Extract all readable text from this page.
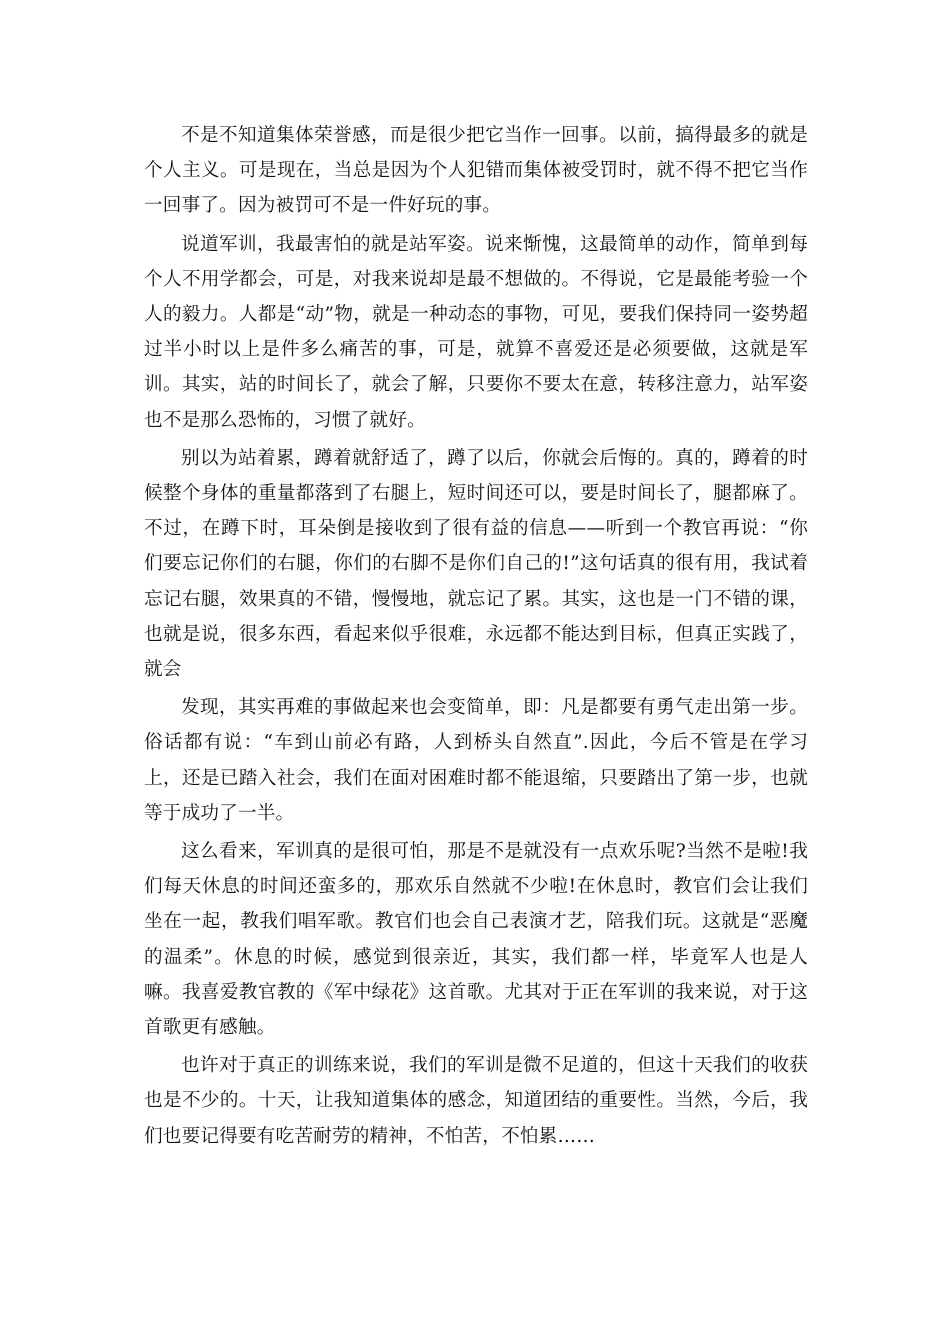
不是不知道集体荣誉感，而是很少把它当作一回事。以前，搞得最多的就是个人主义。可是现在，当总是因为个人犯错而集体被受罚时，就不得不把它当作一回事了。因为被罚可不是一件好玩的事。

说道军训，我最害怕的就是站军姿。说来惭愧，这最简单的动作，简单到每个人不用学都会，可是，对我来说却是最不想做的。不得说，它是最能考验一个人的毅力。人都是“动”物，就是一种动态的事物，可见，要我们保持同一姿势超过半小时以上是件多么痛苦的事，可是，就算不喜爱还是必须要做，这就是军训。其实，站的时间长了，就会了解，只要你不要太在意，转移注意力，站军姿也不是那么恐怖的，习惯了就好。

别以为站着累，蹲着就舒适了，蹲了以后，你就会后悔的。真的，蹲着的时候整个身体的重量都落到了右腿上，短时间还可以，要是时间长了，腿都麻了。不过，在蹲下时，耳朵倒是接收到了很有益的信息——听到一个教官再说：“你们要忘记你们的右腿，你们的右脚不是你们自己的!”这句话真的很有用，我试着忘记右腿，效果真的不错，慢慢地，就忘记了累。其实，这也是一门不错的课，也就是说，很多东西，看起来似乎很难，永远都不能达到目标，但真正实践了，就会

发现，其实再难的事做起来也会变简单，即：凡是都要有勇气走出第一步。俗话都有说：“车到山前必有路，人到桥头自然直”.因此，今后不管是在学习上，还是已踏入社会，我们在面对困难时都不能退缩，只要踏出了第一步，也就等于成功了一半。

这么看来，军训真的是很可怕，那是不是就没有一点欢乐呢?当然不是啦!我们每天休息的时间还蛮多的，那欢乐自然就不少啦!在休息时，教官们会让我们坐在一起，教我们唱军歌。教官们也会自己表演才艺，陪我们玩。这就是“恶魔的温柔”。休息的时候，感觉到很亲近，其实，我们都一样，毕竟军人也是人嘛。我喜爱教官教的《军中绿花》这首歌。尤其对于正在军训的我来说，对于这首歌更有感触。

也许对于真正的训练来说，我们的军训是微不足道的，但这十天我们的收获也是不少的。十天，让我知道集体的感念，知道团结的重要性。当然，今后，我们也要记得要有吃苦耐劳的精神，不怕苦，不怕累……
